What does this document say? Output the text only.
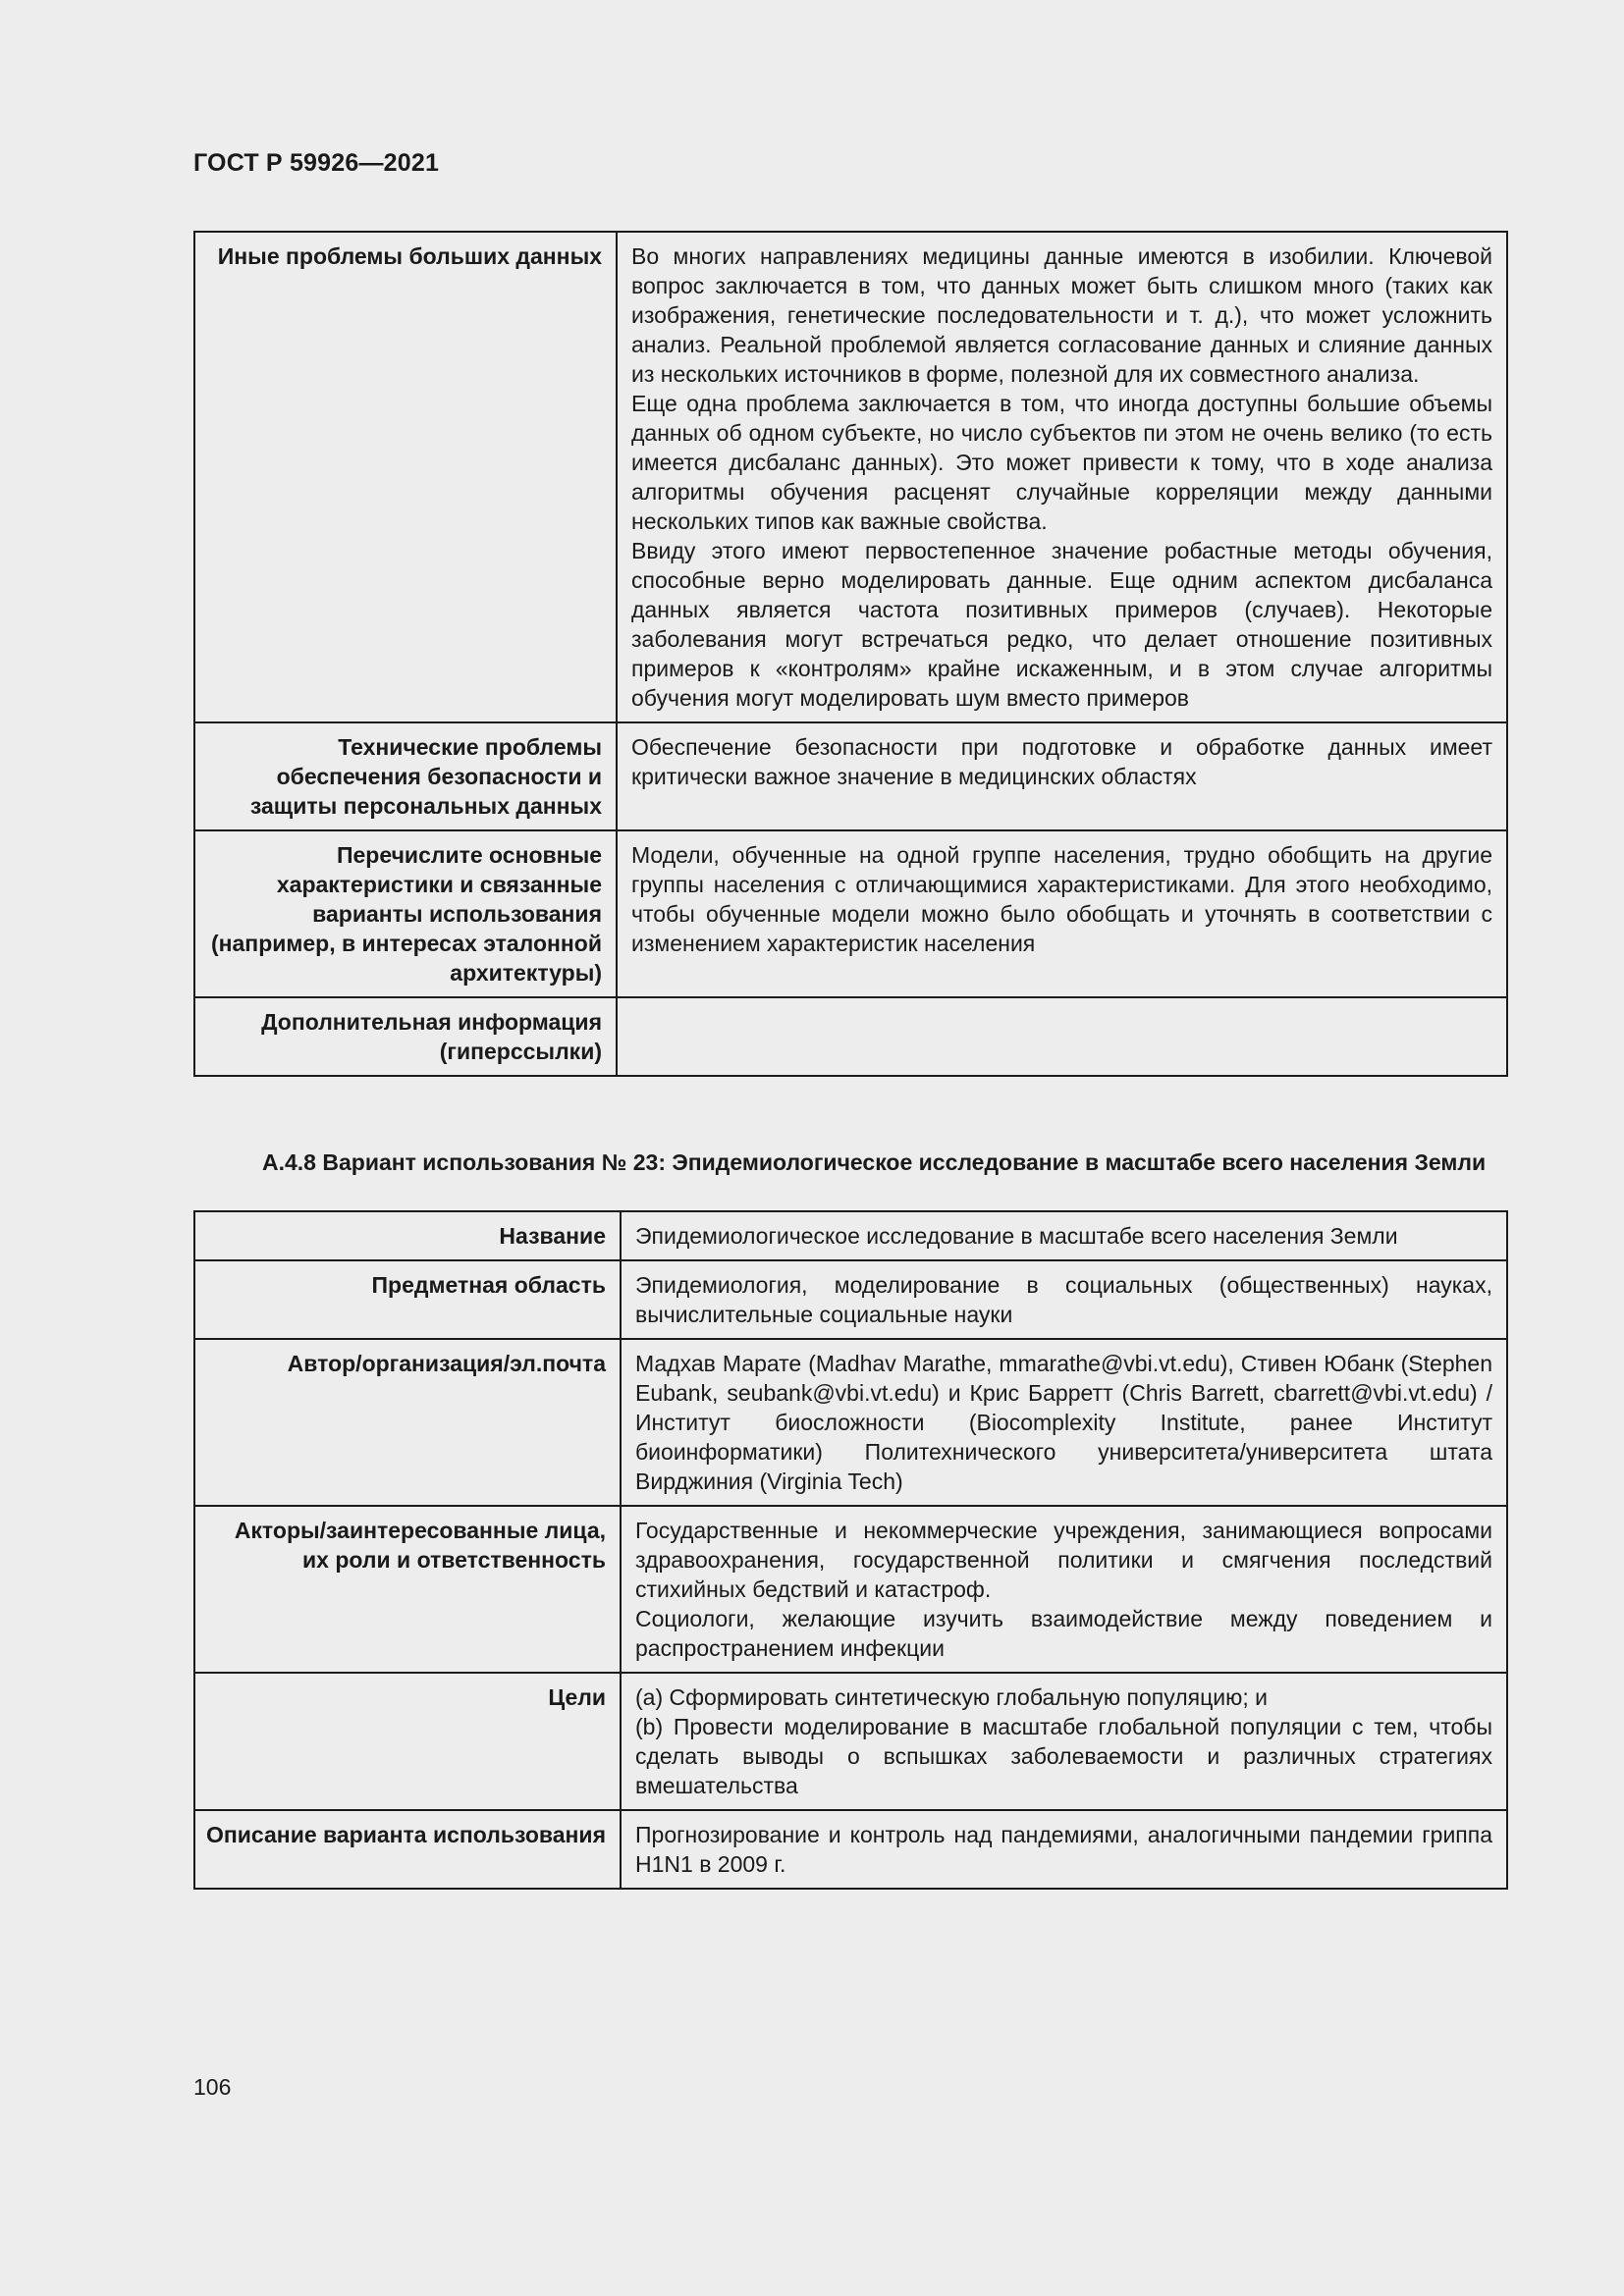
ГОСТ Р 59926—2021
Иные проблемы больших данных	Во многих направлениях медицины данные имеются в изобилии. Ключевой вопрос заключается в том, что данных может быть слишком много (таких как изображения, генетические последовательности и т. д.), что может усложнить анализ. Реальной проблемой является согласование данных и слияние данных из нескольких источников в форме, полезной для их совместного анализа.

Еще одна проблема заключается в том, что иногда доступны большие объемы данных об одном субъекте, но число субъектов пи этом не очень велико (то есть имеется дисбаланс данных). Это может привести к тому, что в ходе анализа алгоритмы обучения расценят случайные корреляции между данными нескольких типов как важные свойства.

Ввиду этого имеют первостепенное значение робастные методы обучения, способные верно моделировать данные. Еще одним аспектом дисбаланса данных является частота позитивных примеров (случаев). Некоторые заболевания могут встречаться редко, что делает отношение позитивных примеров к «контролям» крайне искаженным, и в этом случае алгоритмы обучения могут моделировать шум вместо примеров

Технические проблемы обеспечения безопасности и защиты персональных данных	Обеспечение безопасности при подготовке и обработке данных имеет критически важное значение в медицинских областях

Перечислите основные характеристики и связанные варианты использования (например, в интересах эталонной архитектуры)	Модели, обученные на одной группе населения, трудно обобщить на другие группы населения с отличающимися характеристиками. Для этого необходимо, чтобы обученные модели можно было обобщать и уточнять в соответствии с изменением характеристик населения

Дополнительная информация (гиперссылки)	
А.4.8 Вариант использования № 23: Эпидемиологическое исследование в масштабе всего населения Земли
Название	Эпидемиологическое исследование в масштабе всего населения Земли

Предметная область	Эпидемиология, моделирование в социальных (общественных) науках, вычислительные социальные науки

Автор/организация/эл.почта	Мадхав Марате (Madhav Marathe, mmarathe@vbi.vt.edu), Стивен Юбанк (Stephen Eubank, seubank@vbi.vt.edu) и Крис Барретт (Chris Barrett, cbarrett@vbi.vt.edu) / Институт биосложности (Biocomplexity Institute, ранее Институт биоинформатики) Политехнического университета/университета штата Вирджиния (Virginia Tech)

Акторы/заинтересованные лица, их роли и ответственность	Государственные и некоммерческие учреждения, занимающиеся вопросами здравоохранения, государственной политики и смягчения последствий стихийных бедствий и катастроф.

Социологи, желающие изучить взаимодействие между поведением и распространением инфекции

Цели	(a) Сформировать синтетическую глобальную популяцию; и

(b) Провести моделирование в масштабе глобальной популяции с тем, чтобы сделать выводы о вспышках заболеваемости и различных стратегиях вмешательства

Описание варианта использования	Прогнозирование и контроль над пандемиями, аналогичными пандемии гриппа H1N1 в 2009 г.

106
